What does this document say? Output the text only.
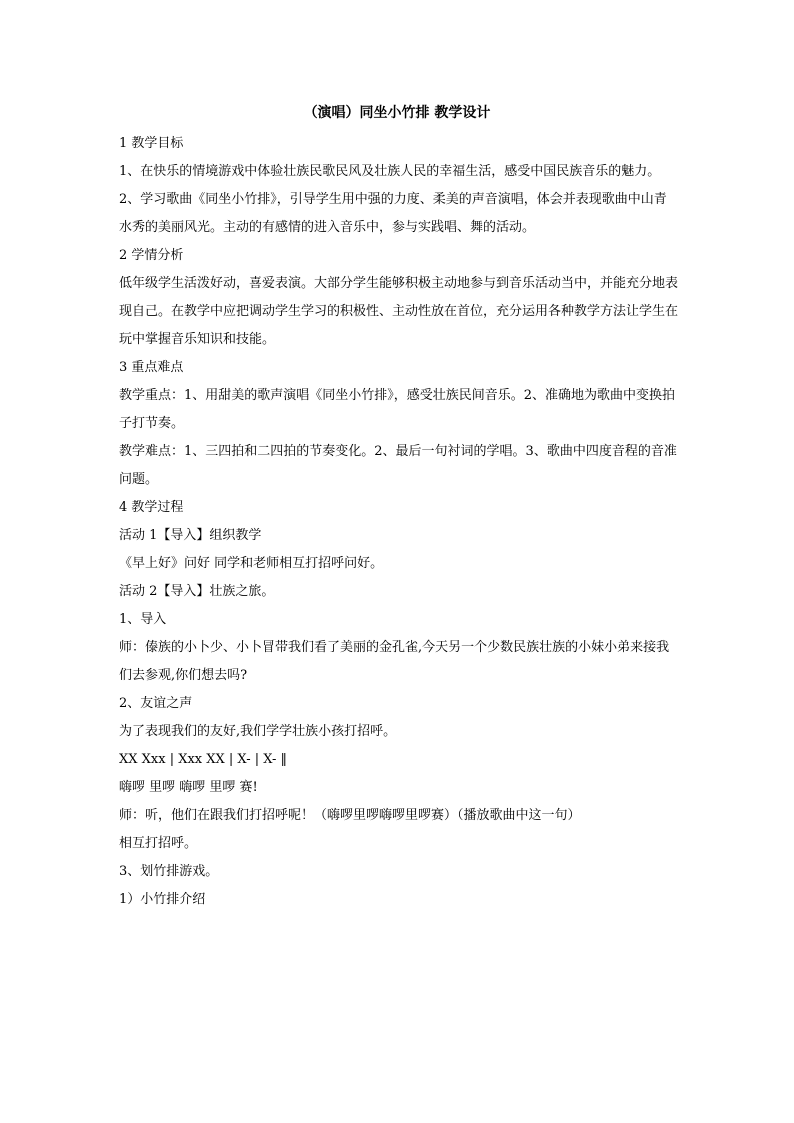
（演唱）同坐小竹排 教学设计

1 教学目标

1、在快乐的情境游戏中体验壮族民歌民风及壮族人民的幸福生活，感受中国民族音乐的魅力。

2、学习歌曲《同坐小竹排》，引导学生用中强的力度、柔美的声音演唱，体会并表现歌曲中山青水秀的美丽风光。主动的有感情的进入音乐中，参与实践唱、舞的活动。

2 学情分析

低年级学生活泼好动，喜爱表演。大部分学生能够积极主动地参与到音乐活动当中，并能充分地表现自己。在教学中应把调动学生学习的积极性、主动性放在首位，充分运用各种教学方法让学生在玩中掌握音乐知识和技能。

3 重点难点

教学重点：1、用甜美的歌声演唱《同坐小竹排》，感受壮族民间音乐。2、准确地为歌曲中变换拍子打节奏。

教学难点：1、三四拍和二四拍的节奏变化。2、最后一句衬词的学唱。3、歌曲中四度音程的音准问题。

4 教学过程

活动 1【导入】组织教学

《早上好》问好 同学和老师相互打招呼问好。

活动 2【导入】壮族之旅。

1、导入

师：傣族的小卜少、小卜冒带我们看了美丽的金孔雀,今天另一个少数民族壮族的小妹小弟来接我们去参观,你们想去吗?

2、友谊之声

为了表现我们的友好,我们学学壮族小孩打招呼。

XX Xxx | Xxx XX | X- | X- ‖

嗨啰 里啰 嗨啰 里啰 赛!

师：听，他们在跟我们打招呼呢！（嗨啰里啰嗨啰里啰赛）（播放歌曲中这一句）

相互打招呼。

3、划竹排游戏。

1）小竹排介绍
